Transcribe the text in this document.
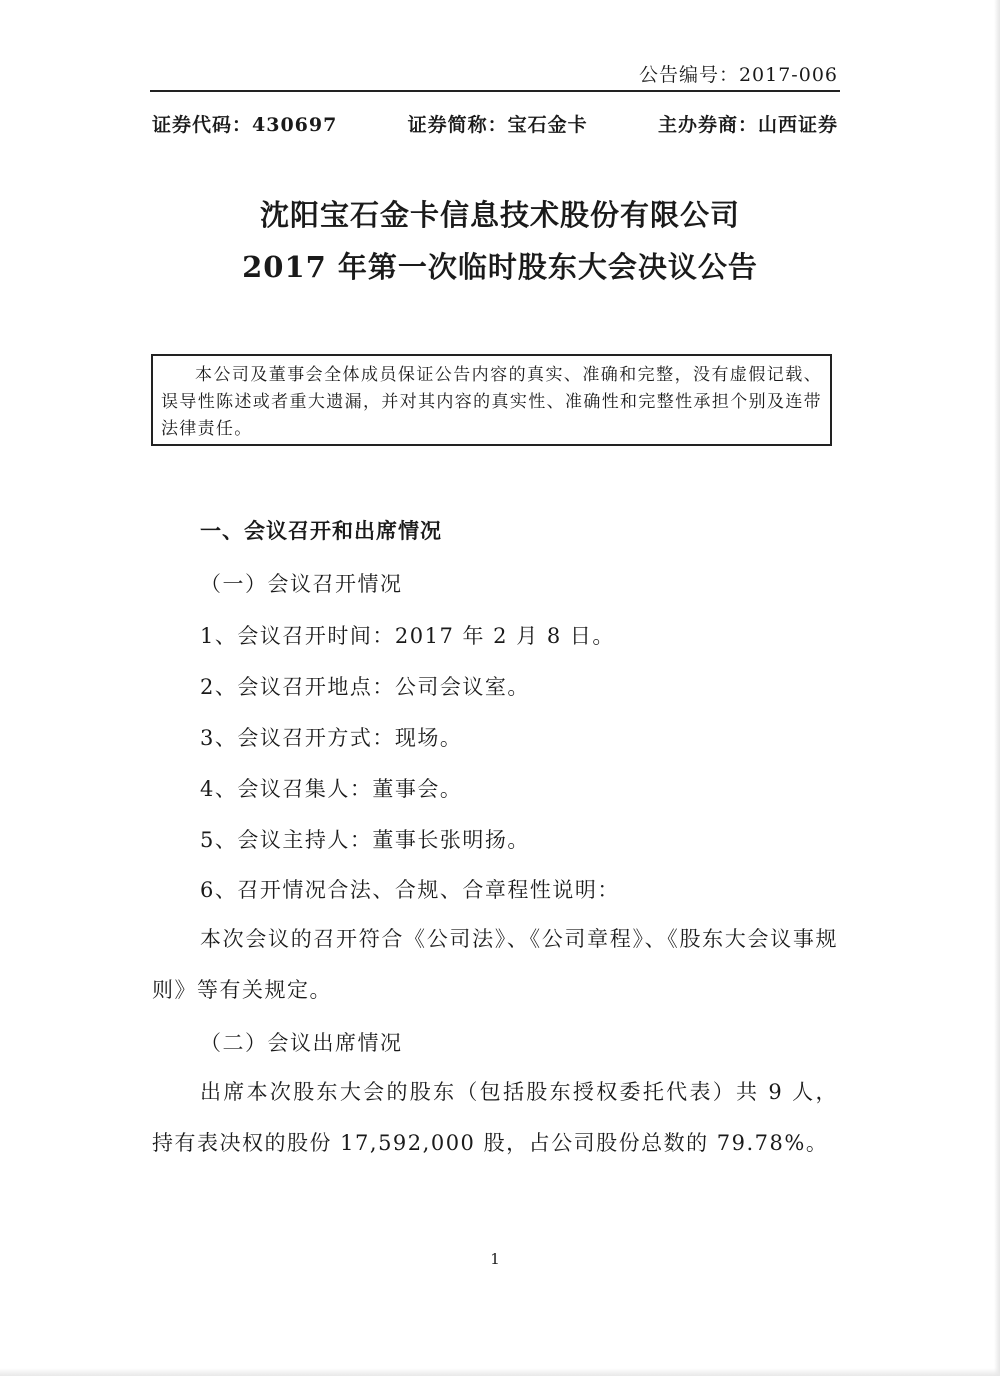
公告编号：2017-006
证券代码：430697	证券简称：宝石金卡	主办券商：山西证券
沈阳宝石金卡信息技术股份有限公司
2017 年第一次临时股东大会决议公告
本公司及董事会全体成员保证公告内容的真实、准确和完整，没有虚假记载、误导性陈述或者重大遗漏，并对其内容的真实性、准确性和完整性承担个别及连带法律责任。
一、会议召开和出席情况
（一）会议召开情况
1、会议召开时间：2017 年 2 月 8 日。
2、会议召开地点：公司会议室。
3、会议召开方式：现场。
4、会议召集人：董事会。
5、会议主持人：董事长张明扬。
6、召开情况合法、合规、合章程性说明：
本次会议的召开符合《公司法》、《公司章程》、《股东大会议事规则》等有关规定。
（二）会议出席情况
出席本次股东大会的股东（包括股东授权委托代表）共 9 人，持有表决权的股份 17,592,000 股，占公司股份总数的 79.78%。
1
